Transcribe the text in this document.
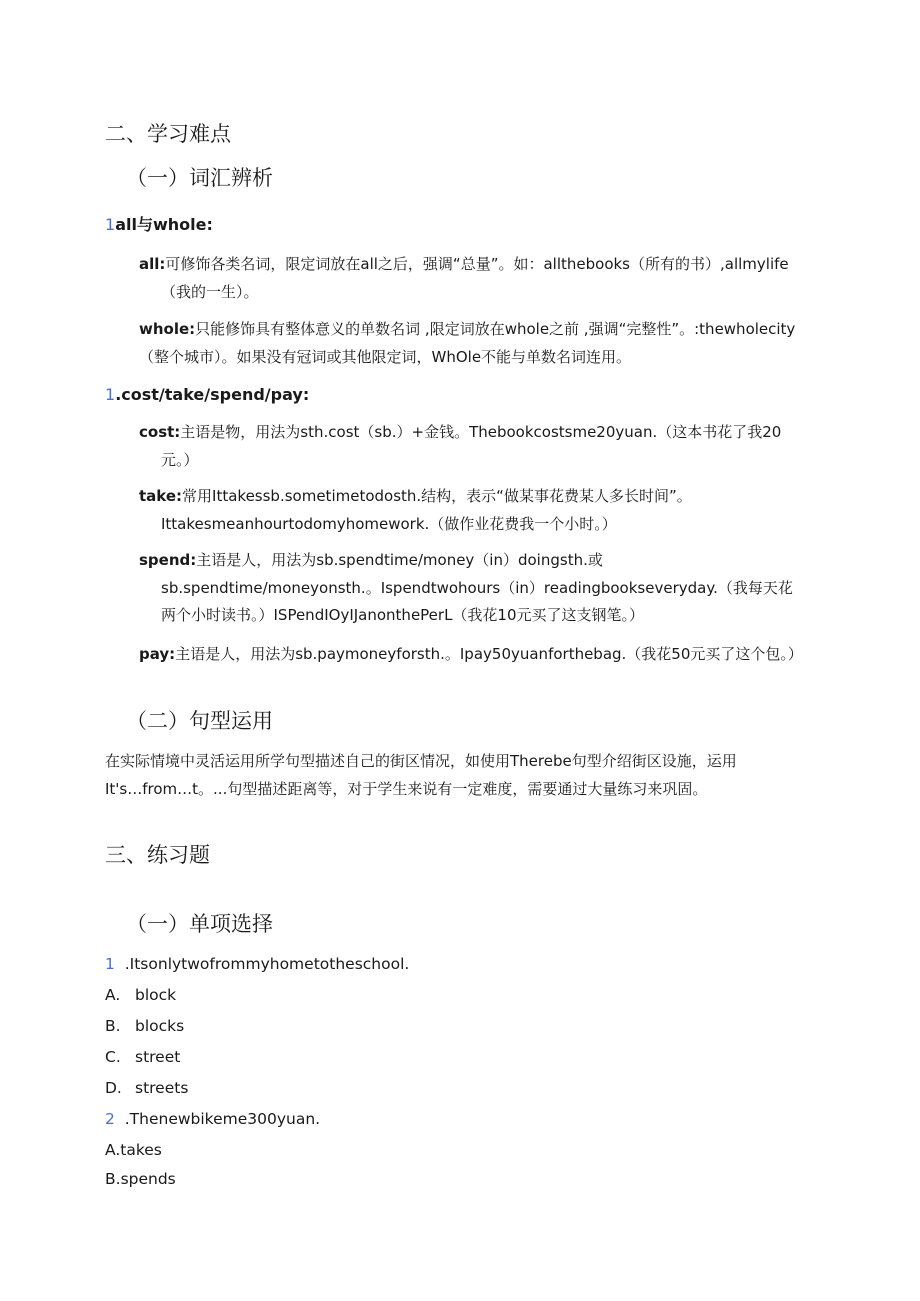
二、学习难点
（一）词汇辨析
1all与whole:
all:可修饰各类名词，限定词放在all之后，强调“总量”。如：allthebooks（所有的书）,allmylife
（我的一生）。
whole:只能修饰具有整体意义的单数名词 ,限定词放在whole之前 ,强调“完整性”。:thewholecity
（整个城市）。如果没有冠词或其他限定词，WhOle不能与单数名词连用。
1.cost/take/spend/pay:
cost:主语是物，用法为sth.cost（sb.）+金钱。Thebookcostsme20yuan.（这本书花了我20
元。）
take:常用Ittakessb.sometimetodosth.结构，表示“做某事花费某人多长时间”。
Ittakesmeanhourtodomyhomework.（做作业花费我一个小时。）
spend:主语是人，用法为sb.spendtime/money（in）doingsth.或
sb.spendtime/moneyonsth.。Ispendtwohours（in）readingbookseveryday.（我每天花
两个小时读书。）ISPendIOyIJanonthePerL（我花10元买了这支钢笔。）
pay:主语是人，用法为sb.paymoneyforsth.。Ipay50yuanforthebag.（我花50元买了这个包。）
（二）句型运用
在实际情境中灵活运用所学句型描述自己的街区情况，如使用Therebe句型介绍街区设施，运用
It's…from…t。...句型描述距离等，对于学生来说有一定难度，需要通过大量练习来巩固。
三、练习题
（一）单项选择
1 .Itsonlytwofrommyhometotheschool.
A. block
B. blocks
C. street
D. streets
2 .Thenewbikeme300yuan.
A.takes
B.spends
